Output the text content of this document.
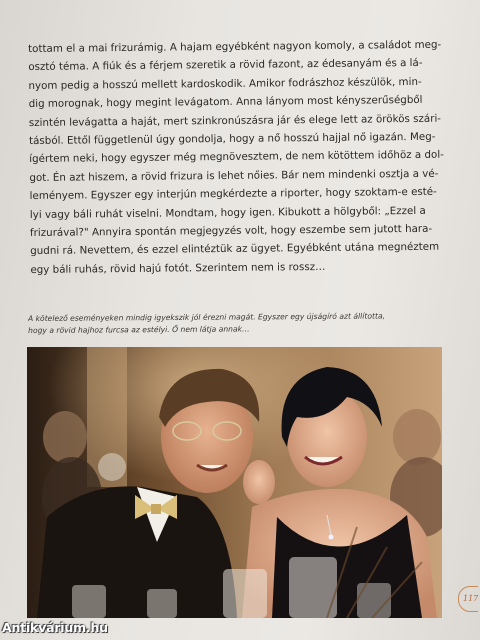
tottam el a mai frizurámig. A hajam egyébként nagyon komoly, a családot meg-
osztó téma. A fiúk és a férjem szeretik a rövid fazont, az édesanyám és a lá-
nyom pedig a hosszú mellett kardoskodik. Amikor fodrászhoz készülök, min-
dig morognak, hogy megint levágatom. Anna lányom most kényszerűségből
szintén levágatta a haját, mert szinkronúszásra jár és elege lett az örökös szári-
tásból. Ettől függetlenül úgy gondolja, hogy a nő hosszú hajjal nő igazán. Meg-
ígértem neki, hogy egyszer még megnövesztem, de nem kötöttem időhöz a dol-
got. Én azt hiszem, a rövid frizura is lehet nőies. Bár nem mindenki osztja a vé-
leményem. Egyszer egy interjún megkérdezte a riporter, hogy szoktam-e esté-
lyi vagy báli ruhát viselni. Mondtam, hogy igen. Kibukott a hölgyből: „Ezzel a
frizurával?" Annyira spontán megjegyzés volt, hogy eszembe sem jutott hara-
gudni rá. Nevettem, és ezzel elintéztük az ügyet. Egyébként utána megnéztem
egy báli ruhás, rövid hajú fotót. Szerintem nem is rossz…
A kötelező eseményeken mindig igyekszik jól érezni magát. Egyszer egy újságíró azt állította,
hogy a rövid hajhoz furcsa az estélyi. Ő nem látja annak…
117
Antikvárium.hu
